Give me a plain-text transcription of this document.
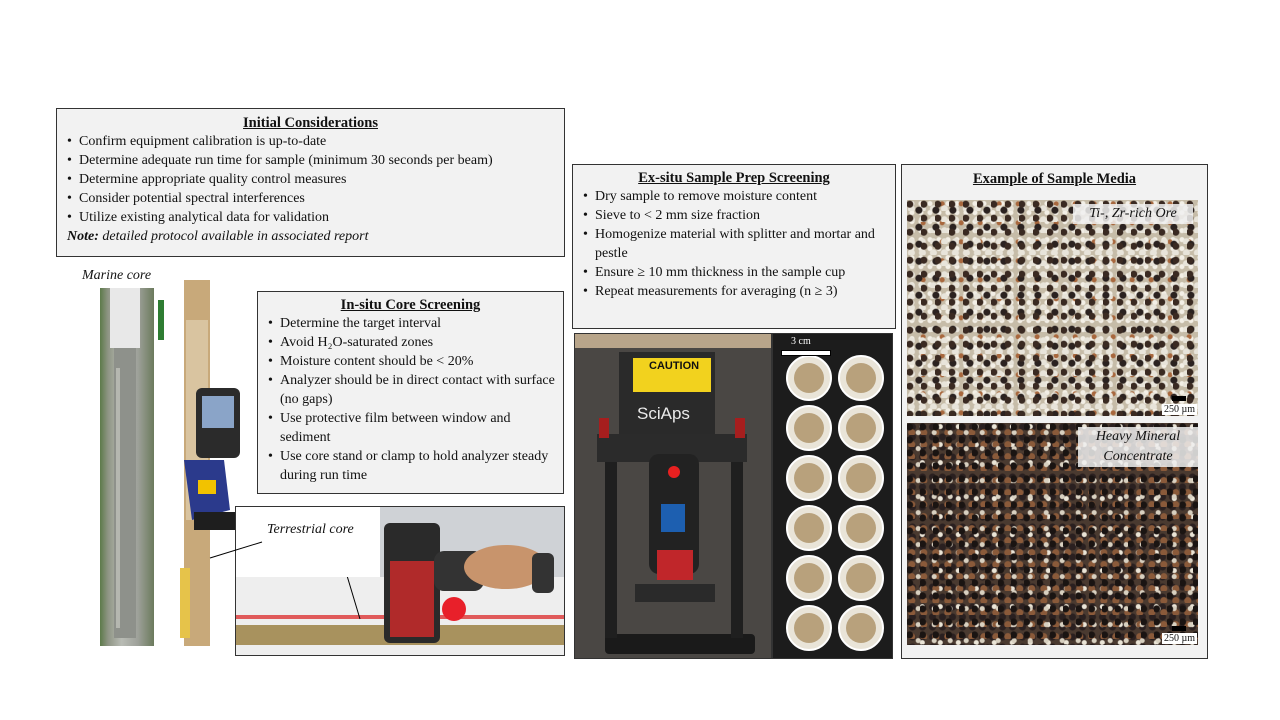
Initial Considerations
• Confirm equipment calibration is up-to-date
• Determine adequate run time for sample (minimum 30 seconds per beam)
• Determine appropriate quality control measures
• Consider potential spectral interferences
• Utilize existing analytical data for validation
Note: detailed protocol available in associated report
Marine core
In-situ Core Screening
• Determine the target interval
• Avoid H₂O-saturated zones
• Moisture content should be < 20%
• Analyzer should be in direct contact with surface (no gaps)
• Use protective film between window and sediment
• Use core stand or clamp to hold analyzer steady during run time
Terrestrial core
Ex-situ Sample Prep Screening
• Dry sample to remove moisture content
• Sieve to < 2 mm size fraction
• Homogenize material with splitter and mortar and pestle
• Ensure ≥ 10 mm thickness in the sample cup
• Repeat measurements for averaging (n ≥ 3)
CAUTION
SciAps
3 cm
Example of Sample Media
Ti-, Zr-rich Ore
250 µm
Heavy Mineral
Concentrate
250 µm
